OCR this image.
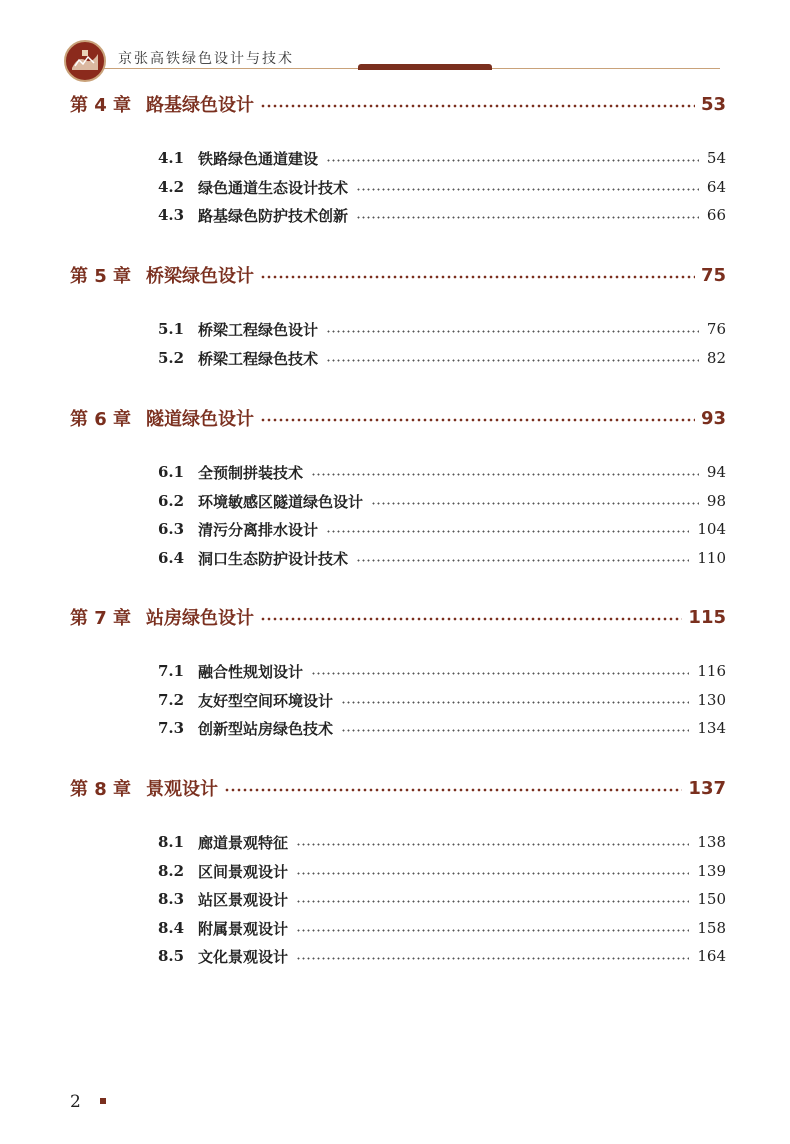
京张高铁绿色设计与技术
第 4 章 路基绿色设计	53
4.1 铁路绿色通道建设	54
4.2 绿色通道生态设计技术	64
4.3 路基绿色防护技术创新	66
第 5 章 桥梁绿色设计	75
5.1 桥梁工程绿色设计	76
5.2 桥梁工程绿色技术	82
第 6 章 隧道绿色设计	93
6.1 全预制拼装技术	94
6.2 环境敏感区隧道绿色设计	98
6.3 清污分离排水设计	104
6.4 洞口生态防护设计技术	110
第 7 章 站房绿色设计	115
7.1 融合性规划设计	116
7.2 友好型空间环境设计	130
7.3 创新型站房绿色技术	134
第 8 章 景观设计	137
8.1 廊道景观特征	138
8.2 区间景观设计	139
8.3 站区景观设计	150
8.4 附属景观设计	158
8.5 文化景观设计	164
2
